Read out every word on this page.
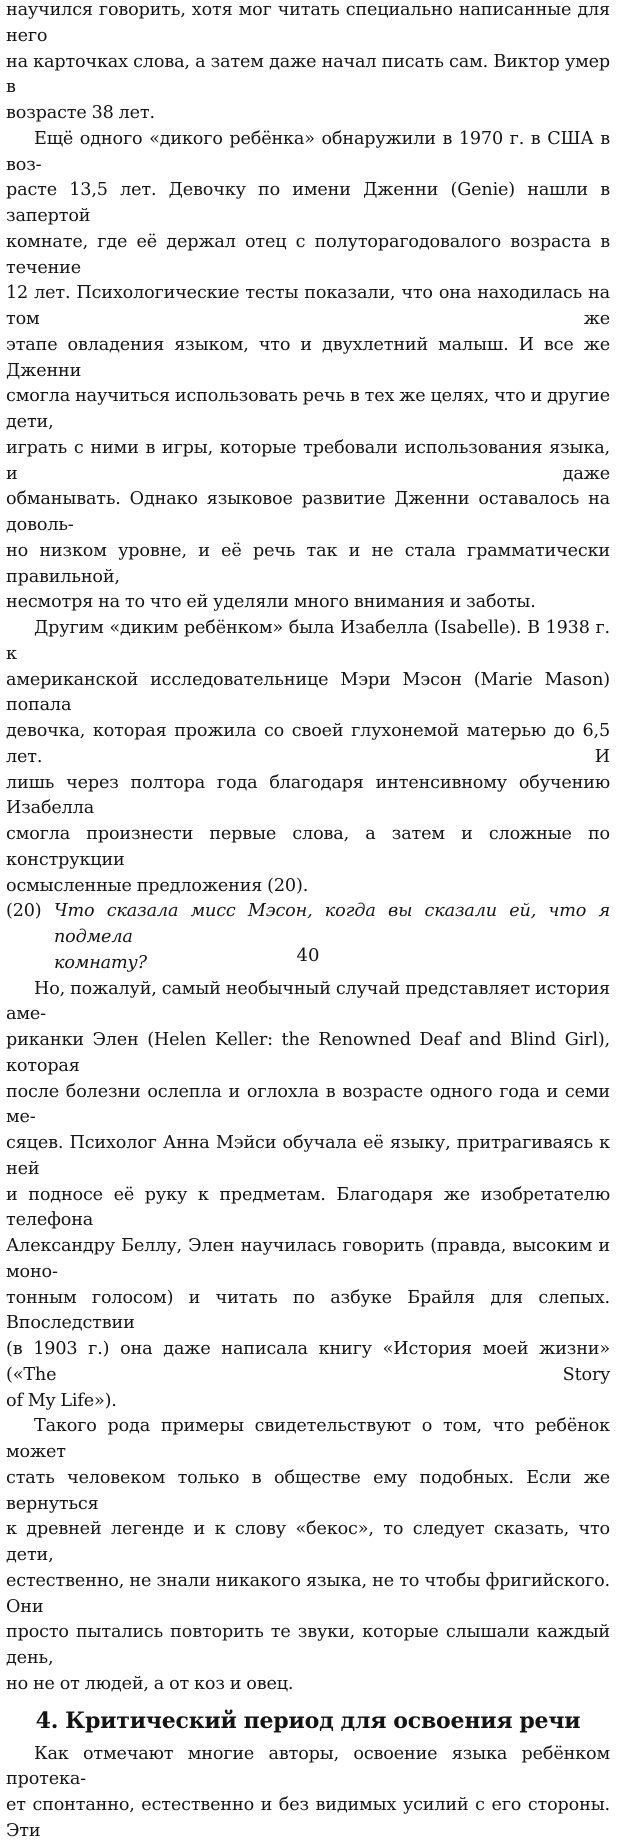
научился говорить, хотя мог читать специально написанные для него

на карточках слова, а затем даже начал писать сам. Виктор умер в

возрасте 38 лет.

Ещё одного «дикого ребёнка» обнаружили в 1970 г. в США в воз-

расте 13,5 лет. Девочку по имени Дженни (Genie) нашли в запертой

комнате, где её держал отец с полуторагодовалого возраста в течение

12 лет. Психологические тесты показали, что она находилась на том же

этапе овладения языком, что и двухлетний малыш. И все же Дженни

смогла научиться использовать речь в тех же целях, что и другие дети,

играть с ними в игры, которые требовали использования языка, и даже

обманывать. Однако языковое развитие Дженни оставалось на доволь-

но низком уровне, и её речь так и не стала грамматически правильной,

несмотря на то что ей уделяли много внимания и заботы.

Другим «диким ребёнком» была Изабелла (Isabelle). В 1938 г. к

американской исследовательнице Мэри Мэсон (Marie Mason) попала

девочка, которая прожила со своей глухонемой матерью до 6,5 лет. И

лишь через полтора года благодаря интенсивному обучению Изабелла

смогла произнести первые слова, а затем и сложные по конструкции

осмысленные предложения (20).

(20) Что сказала мисс Мэсон, когда вы сказали ей, что я подмела
комнату?

Но, пожалуй, самый необычный случай представляет история аме-

риканки Элен (Helen Keller: the Renowned Deaf and Blind Girl), которая

после болезни ослепла и оглохла в возрасте одного года и семи ме-

сяцев. Психолог Анна Мэйси обучала её языку, притрагиваясь к ней

и подносе её руку к предметам. Благодаря же изобретателю телефона

Александру Беллу, Элен научилась говорить (правда, высоким и моно-

тонным голосом) и читать по азбуке Брайля для слепых. Впоследствии

(в 1903 г.) она даже написала книгу «История моей жизни» («The Story

of My Life»).

Такого рода примеры свидетельствуют о том, что ребёнок может

стать человеком только в обществе ему подобных. Если же вернуться

к древней легенде и к слову «бекос», то следует сказать, что дети,

естественно, не знали никакого языка, не то чтобы фригийского. Они

просто пытались повторить те звуки, которые слышали каждый день,

но не от людей, а от коз и овец.

4. Критический период для освоения речи

Как отмечают многие авторы, освоение языка ребёнком протека-

ет спонтанно, естественно и без видимых усилий с его стороны. Эти

40
